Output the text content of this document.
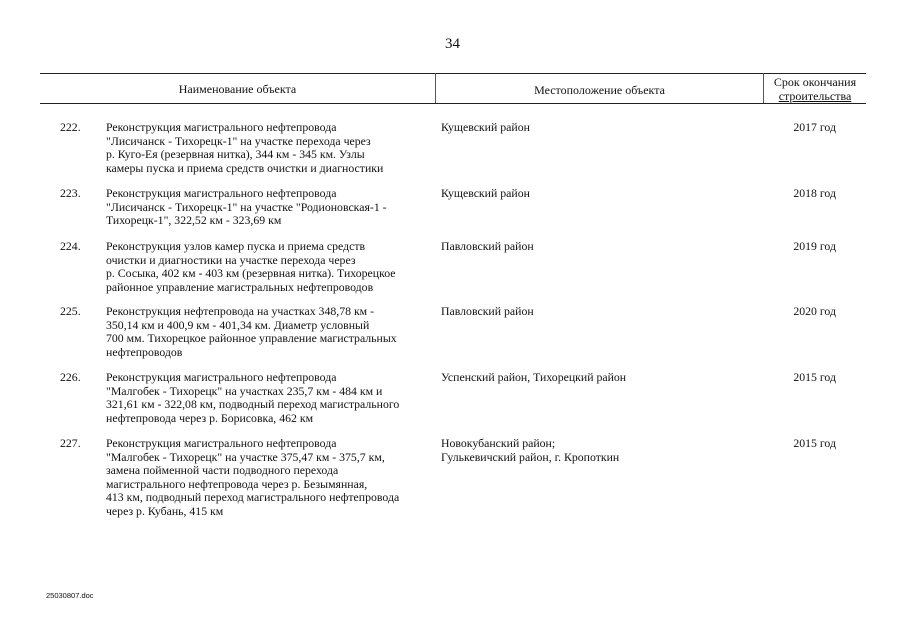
34
Наименование объекта	Местоположение объекта
Срок окончания
строительства
222.	Реконструкция магистрального нефтепровода
"Лисичанск - Тихорецк-1" на участке перехода через
р. Куго-Ея (резервная нитка), 344 км - 345 км. Узлы
камеры пуска и приема средств очистки и диагностики
Кущевский район	2017 год
223.	Реконструкция магистрального нефтепровода
"Лисичанск - Тихорецк-1" на участке "Родионовская-1 -
Тихорецк-1", 322,52 км - 323,69 км
Кущевский район	2018 год
224.	Реконструкция узлов камер пуска и приема средств
очистки и диагностики на участке перехода через
р. Сосыка, 402 км - 403 км (резервная нитка). Тихорецкое
районное управление магистральных нефтепроводов
Павловский район	2019 год
225.	Реконструкция нефтепровода на участках 348,78 км -
350,14 км и 400,9 км - 401,34 км. Диаметр условный
700 мм. Тихорецкое районное управление магистральных
нефтепроводов
Павловский район	2020 год
226.	Реконструкция магистрального нефтепровода
"Малгобек - Тихорецк" на участках 235,7 км - 484 км и
321,61 км - 322,08 км, подводный переход магистрального
нефтепровода через р. Борисовка, 462 км
Успенский район, Тихорецкий район	2015 год
227.	Реконструкция магистрального нефтепровода
"Малгобек - Тихорецк" на участке 375,47 км - 375,7 км,
замена пойменной части подводного перехода
магистрального нефтепровода через р. Безымянная,
413 км, подводный переход магистрального нефтепровода
через р. Кубань, 415 км
Новокубанский район;
Гулькевичский район, г. Кропоткин
2015 год
25030807.doc
